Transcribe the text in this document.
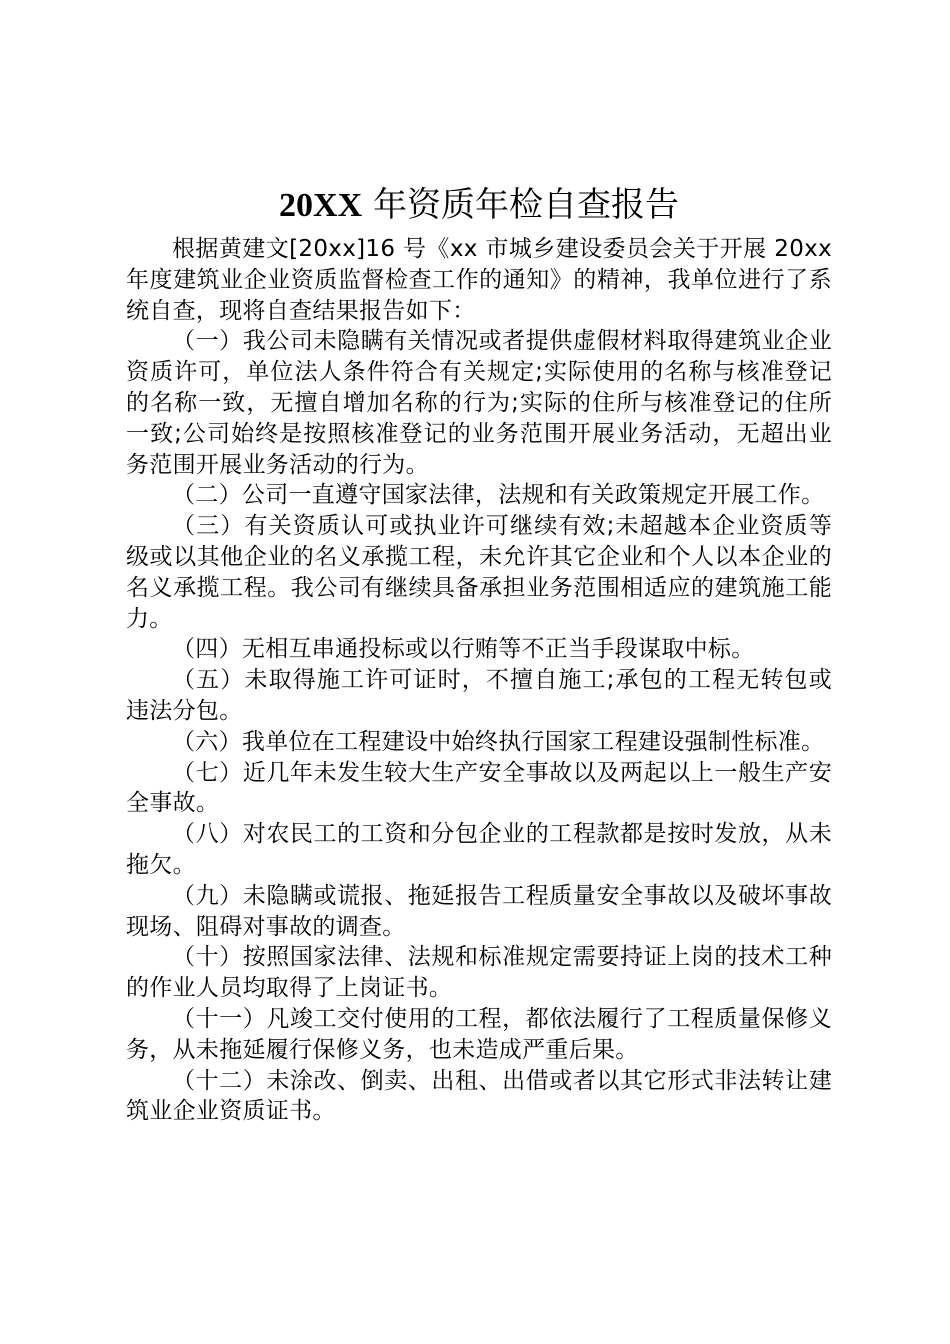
20XX 年资质年检自查报告

根据黄建文[20xx]16 号《xx 市城乡建设委员会关于开展 20xx 年度建筑业企业资质监督检查工作的通知》的精神，我单位进行了系统自查，现将自查结果报告如下：

（一）我公司未隐瞒有关情况或者提供虚假材料取得建筑业企业资质许可，单位法人条件符合有关规定;实际使用的名称与核准登记的名称一致，无擅自增加名称的行为;实际的住所与核准登记的住所一致;公司始终是按照核准登记的业务范围开展业务活动，无超出业务范围开展业务活动的行为。

（二）公司一直遵守国家法律，法规和有关政策规定开展工作。

（三）有关资质认可或执业许可继续有效;未超越本企业资质等级或以其他企业的名义承揽工程，未允许其它企业和个人以本企业的名义承揽工程。我公司有继续具备承担业务范围相适应的建筑施工能力。

（四）无相互串通投标或以行贿等不正当手段谋取中标。

（五）未取得施工许可证时，不擅自施工;承包的工程无转包或违法分包。

（六）我单位在工程建设中始终执行国家工程建设强制性标准。

（七）近几年未发生较大生产安全事故以及两起以上一般生产安全事故。

（八）对农民工的工资和分包企业的工程款都是按时发放，从未拖欠。

（九）未隐瞒或谎报、拖延报告工程质量安全事故以及破坏事故现场、阻碍对事故的调查。

（十）按照国家法律、法规和标准规定需要持证上岗的技术工种的作业人员均取得了上岗证书。

（十一）凡竣工交付使用的工程，都依法履行了工程质量保修义务，从未拖延履行保修义务，也未造成严重后果。

（十二）未涂改、倒卖、出租、出借或者以其它形式非法转让建筑业企业资质证书。
